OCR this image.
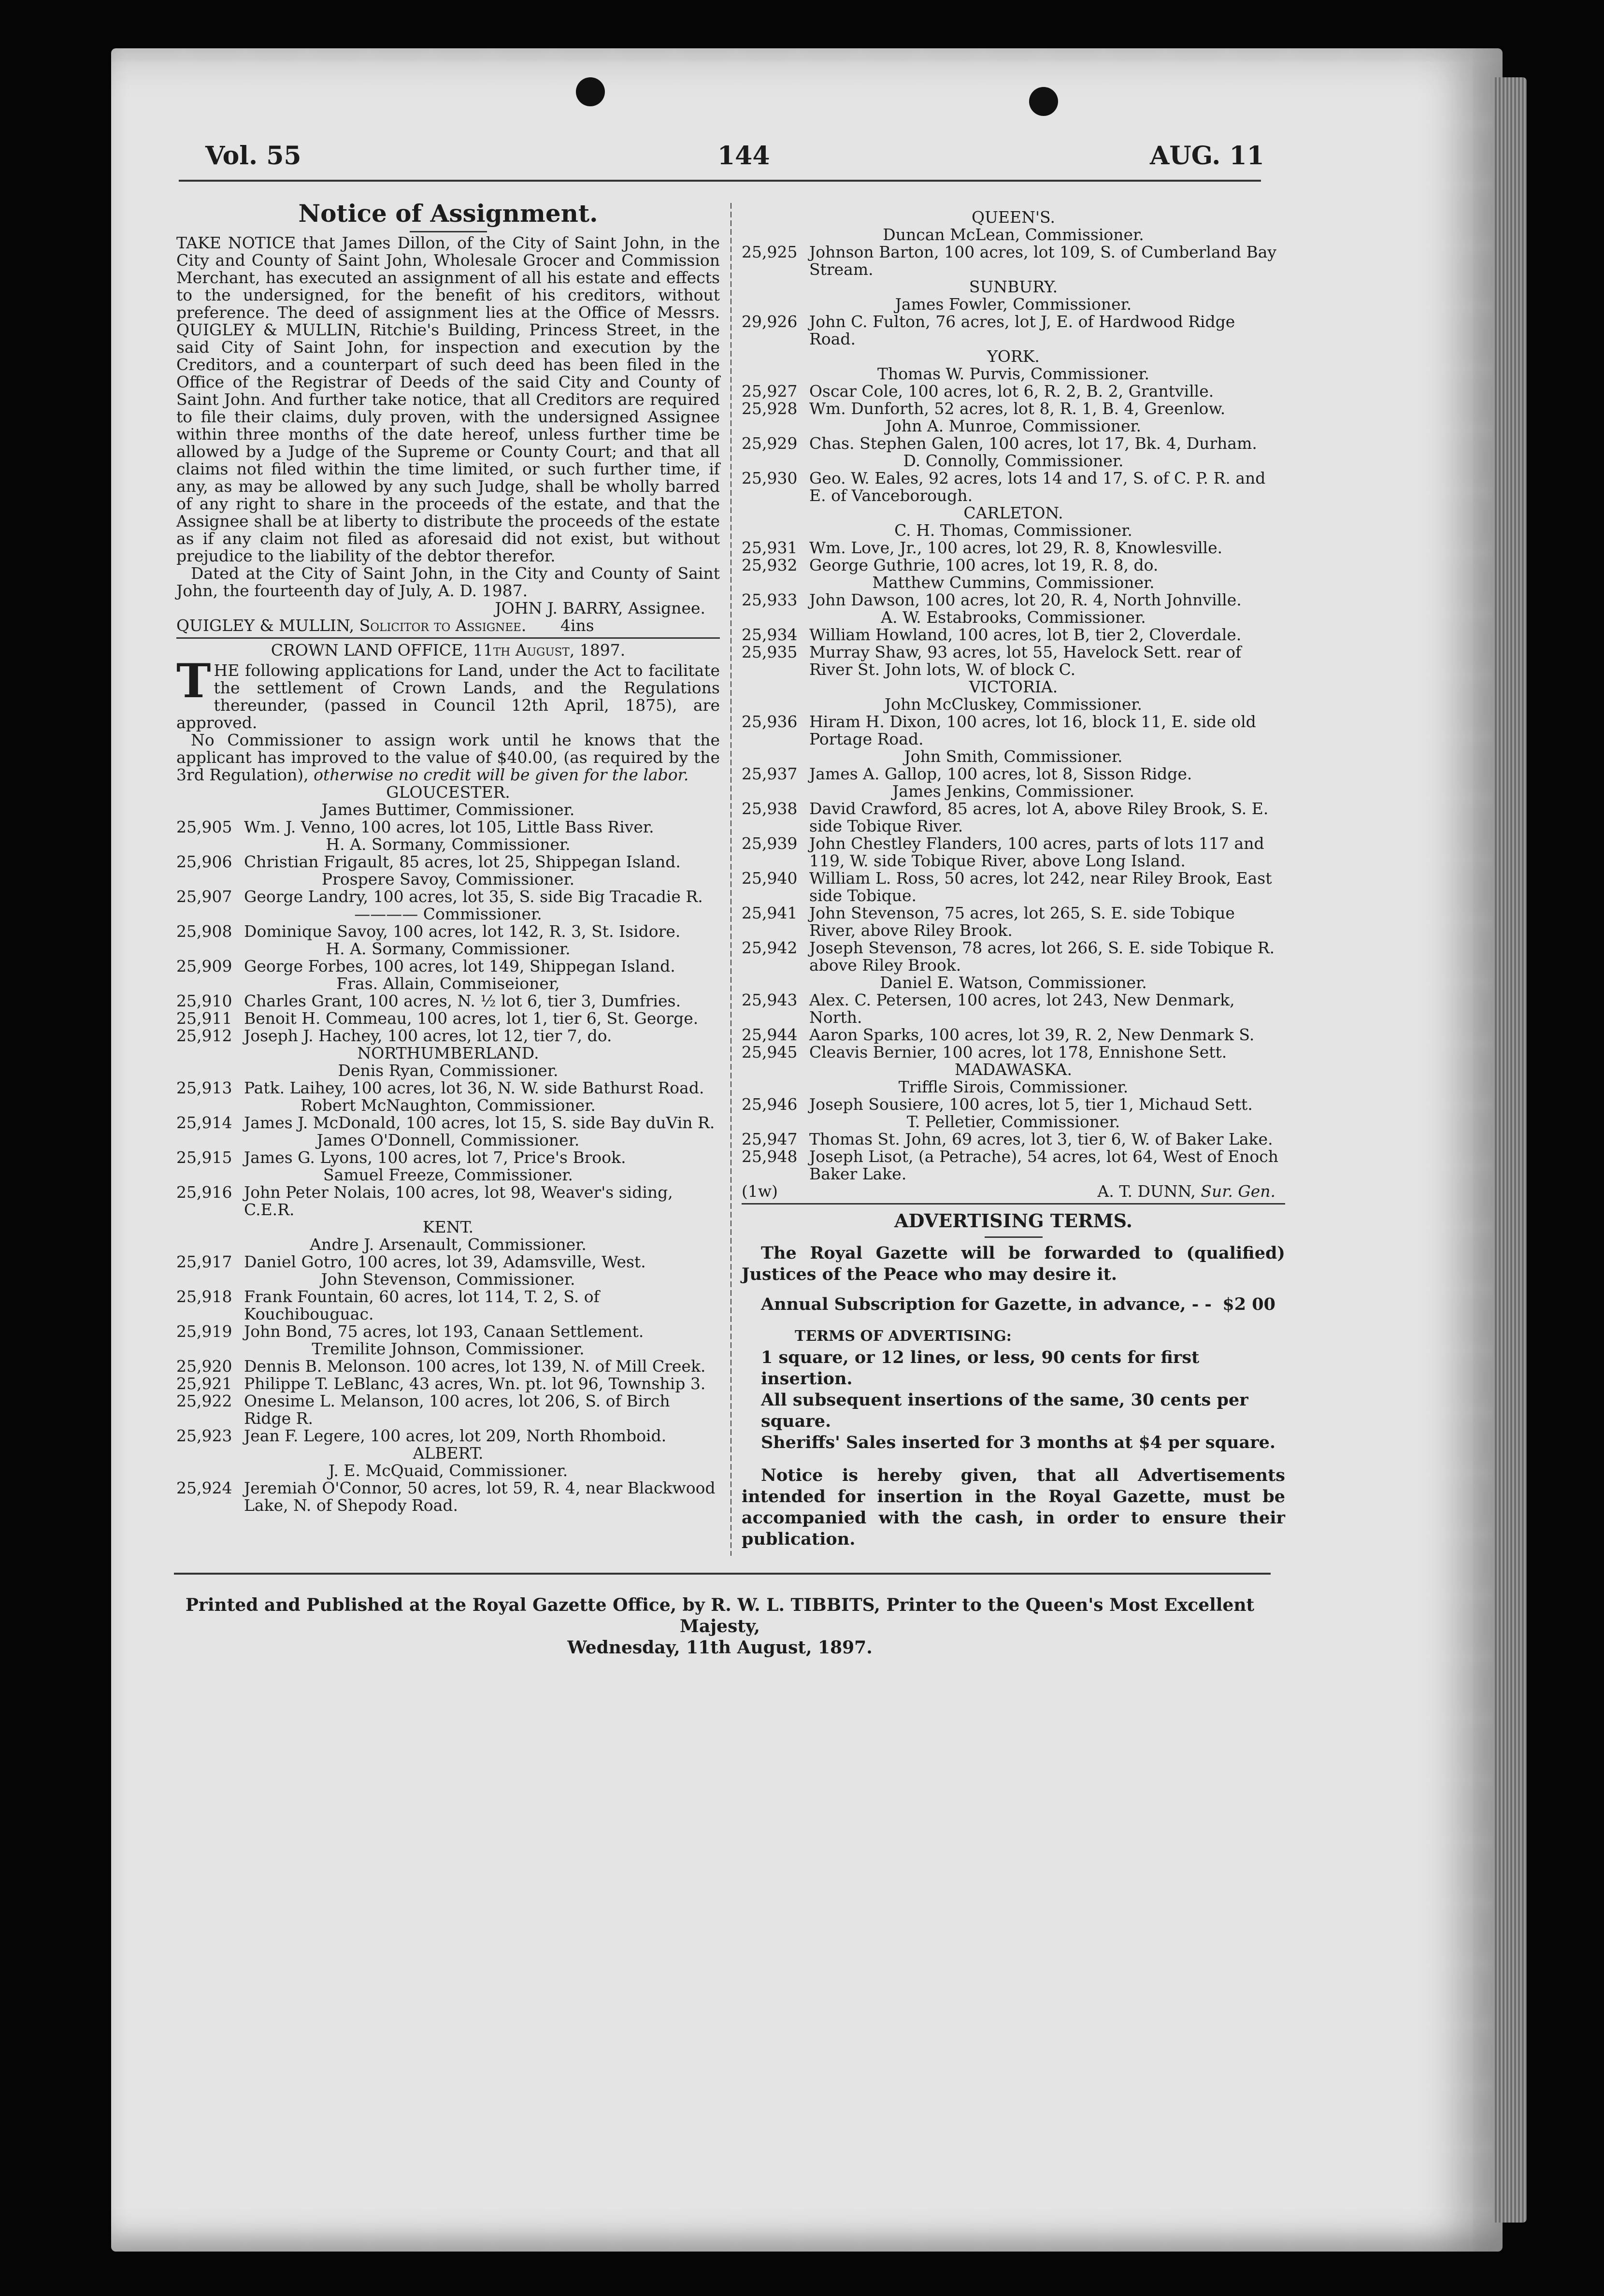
Vol. 55	144	AUG. 11
Notice of Assignment.

TAKE NOTICE that James Dillon, of the City of Saint John, in the City and County of Saint John, Wholesale Grocer and Commission Merchant, has executed an assignment of all his estate and effects to the undersigned, for the benefit of his creditors, without preference. The deed of assignment lies at the Office of Messrs. QUIGLEY & MULLIN, Ritchie's Building, Princess Street, in the said City of Saint John, for inspection and execution by the Creditors, and a counterpart of such deed has been filed in the Office of the Registrar of Deeds of the said City and County of Saint John. And further take notice, that all Creditors are required to file their claims, duly proven, with the undersigned Assignee within three months of the date hereof, unless further time be allowed by a Judge of the Supreme or County Court; and that all claims not filed within the time limited, or such further time, if any, as may be allowed by any such Judge, shall be wholly barred of any right to share in the proceeds of the estate, and that the Assignee shall be at liberty to distribute the proceeds of the estate as if any claim not filed as aforesaid did not exist, but without prejudice to the liability of the debtor therefor.

Dated at the City of Saint John, in the City and County of Saint John, the fourteenth day of July, A. D. 1987.

JOHN J. BARRY, Assignee.

QUIGLEY & MULLIN, Solicitor to Assignee. 4ins

CROWN LAND OFFICE, 11th August, 1897.

THE following applications for Land, under the Act to facilitate the settlement of Crown Lands, and the Regulations thereunder, (passed in Council 12th April, 1875), are approved.

No Commissioner to assign work until he knows that the applicant has improved to the value of $40.00, (as required by the 3rd Regulation), otherwise no credit will be given for the labor.

GLOUCESTER.

James Buttimer, Commissioner.

25,905 Wm. J. Venno, 100 acres, lot 105, Little Bass River.

H. A. Sormany, Commissioner.

25,906 Christian Frigault, 85 acres, lot 25, Shippegan Island.

Prospere Savoy, Commissioner.

25,907 George Landry, 100 acres, lot 35, S. side Big Tracadie R.

———— Commissioner.

25,908 Dominique Savoy, 100 acres, lot 142, R. 3, St. Isidore.

H. A. Sormany, Commissioner.

25,909 George Forbes, 100 acres, lot 149, Shippegan Island.

Fras. Allain, Commiseioner,

25,910 Charles Grant, 100 acres, N. ½ lot 6, tier 3, Dumfries.
25,911 Benoit H. Commeau, 100 acres, lot 1, tier 6, St. George.
25,912 Joseph J. Hachey, 100 acres, lot 12, tier 7, do.

NORTHUMBERLAND.

Denis Ryan, Commissioner.

25,913 Patk. Laihey, 100 acres, lot 36, N. W. side Bathurst Road.

Robert McNaughton, Commissioner.

25,914 James J. McDonald, 100 acres, lot 15, S. side Bay duVin R.

James O'Donnell, Commissioner.

25,915 James G. Lyons, 100 acres, lot 7, Price's Brook.

Samuel Freeze, Commissioner.

25,916 John Peter Nolais, 100 acres, lot 98, Weaver's siding, C.E.R.

KENT.

Andre J. Arsenault, Commissioner.

25,917 Daniel Gotro, 100 acres, lot 39, Adamsville, West.

John Stevenson, Commissioner.

25,918 Frank Fountain, 60 acres, lot 114, T. 2, S. of Kouchibouguac.
25,919 John Bond, 75 acres, lot 193, Canaan Settlement.

Tremilite Johnson, Commissioner.

25,920 Dennis B. Melonson. 100 acres, lot 139, N. of Mill Creek.
25,921 Philippe T. LeBlanc, 43 acres, Wn. pt. lot 96, Township 3.
25,922 Onesime L. Melanson, 100 acres, lot 206, S. of Birch Ridge R.
25,923 Jean F. Legere, 100 acres, lot 209, North Rhomboid.

ALBERT.

J. E. McQuaid, Commissioner.

25,924 Jeremiah O'Connor, 50 acres, lot 59, R. 4, near Blackwood Lake, N. of Shepody Road.

QUEEN'S.

Duncan McLean, Commissioner.

25,925 Johnson Barton, 100 acres, lot 109, S. of Cumberland Bay Stream.

SUNBURY.

James Fowler, Commissioner.

29,926 John C. Fulton, 76 acres, lot J, E. of Hardwood Ridge Road.

YORK.

Thomas W. Purvis, Commissioner.

25,927 Oscar Cole, 100 acres, lot 6, R. 2, B. 2, Grantville.
25,928 Wm. Dunforth, 52 acres, lot 8, R. 1, B. 4, Greenlow.

John A. Munroe, Commissioner.

25,929 Chas. Stephen Galen, 100 acres, lot 17, Bk. 4, Durham.

D. Connolly, Commissioner.

25,930 Geo. W. Eales, 92 acres, lots 14 and 17, S. of C. P. R. and E. of Vanceborough.

CARLETON.

C. H. Thomas, Commissioner.

25,931 Wm. Love, Jr., 100 acres, lot 29, R. 8, Knowlesville.
25,932 George Guthrie, 100 acres, lot 19, R. 8, do.

Matthew Cummins, Commissioner.

25,933 John Dawson, 100 acres, lot 20, R. 4, North Johnville.

A. W. Estabrooks, Commissioner.

25,934 William Howland, 100 acres, lot B, tier 2, Cloverdale.
25,935 Murray Shaw, 93 acres, lot 55, Havelock Sett. rear of River St. John lots, W. of block C.

VICTORIA.

John McCluskey, Commissioner.

25,936 Hiram H. Dixon, 100 acres, lot 16, block 11, E. side old Portage Road.

John Smith, Commissioner.

25,937 James A. Gallop, 100 acres, lot 8, Sisson Ridge.

James Jenkins, Commissioner.

25,938 David Crawford, 85 acres, lot A, above Riley Brook, S. E. side Tobique River.
25,939 John Chestley Flanders, 100 acres, parts of lots 117 and 119, W. side Tobique River, above Long Island.
25,940 William L. Ross, 50 acres, lot 242, near Riley Brook, East side Tobique.
25,941 John Stevenson, 75 acres, lot 265, S. E. side Tobique River, above Riley Brook.
25,942 Joseph Stevenson, 78 acres, lot 266, S. E. side Tobique R. above Riley Brook.

Daniel E. Watson, Commissioner.

25,943 Alex. C. Petersen, 100 acres, lot 243, New Denmark, North.
25,944 Aaron Sparks, 100 acres, lot 39, R. 2, New Denmark S.
25,945 Cleavis Bernier, 100 acres, lot 178, Ennishone Sett.

MADAWASKA.

Triffle Sirois, Commissioner.

25,946 Joseph Sousiere, 100 acres, lot 5, tier 1, Michaud Sett.

T. Pelletier, Commissioner.

25,947 Thomas St. John, 69 acres, lot 3, tier 6, W. of Baker Lake.
25,948 Joseph Lisot, (a Petrache), 54 acres, lot 64, West of Enoch Baker Lake.

(1w)	A. T. DUNN, Sur. Gen.

ADVERTISING TERMS.

The Royal Gazette will be forwarded to (qualified) Justices of the Peace who may desire it.

Annual Subscription for Gazette, in advance, - - $2 00

TERMS OF ADVERTISING:

1 square, or 12 lines, or less, 90 cents for first insertion.

All subsequent insertions of the same, 30 cents per square.

Sheriffs' Sales inserted for 3 months at $4 per square.

Notice is hereby given, that all Advertisements intended for insertion in the Royal Gazette, must be accompanied with the cash, in order to ensure their publication.

Printed and Published at the Royal Gazette Office, by R. W. L. TIBBITS, Printer to the Queen's Most Excellent Majesty,
Wednesday, 11th August, 1897.
